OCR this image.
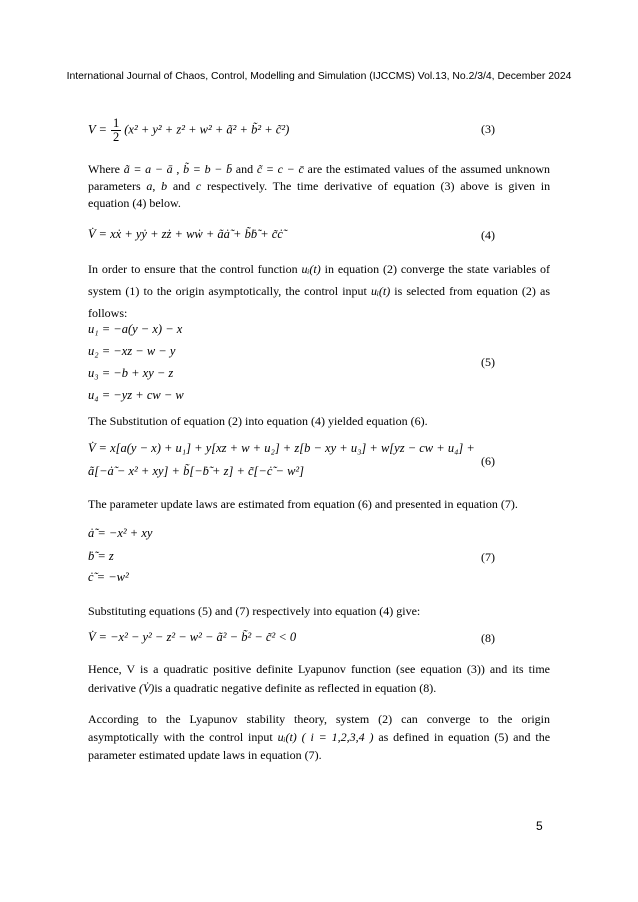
International Journal of Chaos, Control, Modelling and Simulation (IJCCMS) Vol.13, No.2/3/4, December 2024
$V = \frac{1}{2} (x^2 + y^2 + z^2 + w^2$ + ã² + b̃² + c̃²)	(3)

Where ã = a − ā , b̃ = b − b̄ and c̃ = c − c̄ are the estimated values of the assumed unknown parameters a, b and c respectively. The time derivative of equation (3) above is given in equation (4) below.

V̇ = xẋ + yẏ + zż + wẇ + ãȧ̃ + b̃ḃ̃ + c̃ċ̃	(4)

In order to ensure that the control function uᵢ(t) in equation (2) converge the state variables of system (1) to the origin asymptotically, the control input uᵢ(t) is selected from equation (2) as follows:

u₁ = −a(y − x) − x
u₂ = −xz − w − y
u₃ = −b + xy − z
u₄ = −yz + cw − w
(5)
The Substitution of equation (2) into equation (4) yielded equation (6).
V̇ = x[a(y − x) + u₁] + y[xz + w + u₂] + z[b − xy + u₃] + w[yz − cw + u₄] +
ã[−ȧ̃ − x² + xy] + b̃[−ḃ̃ + z] + c̃[−ċ̃ − w²]
(6)
The parameter update laws are estimated from equation (6) and presented in equation (7).
ȧ̃ = −x² + xy
ḃ̃ = z
ċ̃ = −w²
(7)
Substituting equations (5) and (7) respectively into equation (4) give:
V̇ = −x² − y² − z² − w² − ã² − b̃² − c̃² < 0	(8)

Hence, V is a quadratic positive definite Lyapunov function (see equation (3)) and its time derivative (V̇)is a quadratic negative definite as reflected in equation (8).

According to the Lyapunov stability theory, system (2) can converge to the origin asymptotically with the control input uᵢ(t) ( i = 1,2,3,4 ) as defined in equation (5) and the parameter estimated update laws in equation (7).

5
